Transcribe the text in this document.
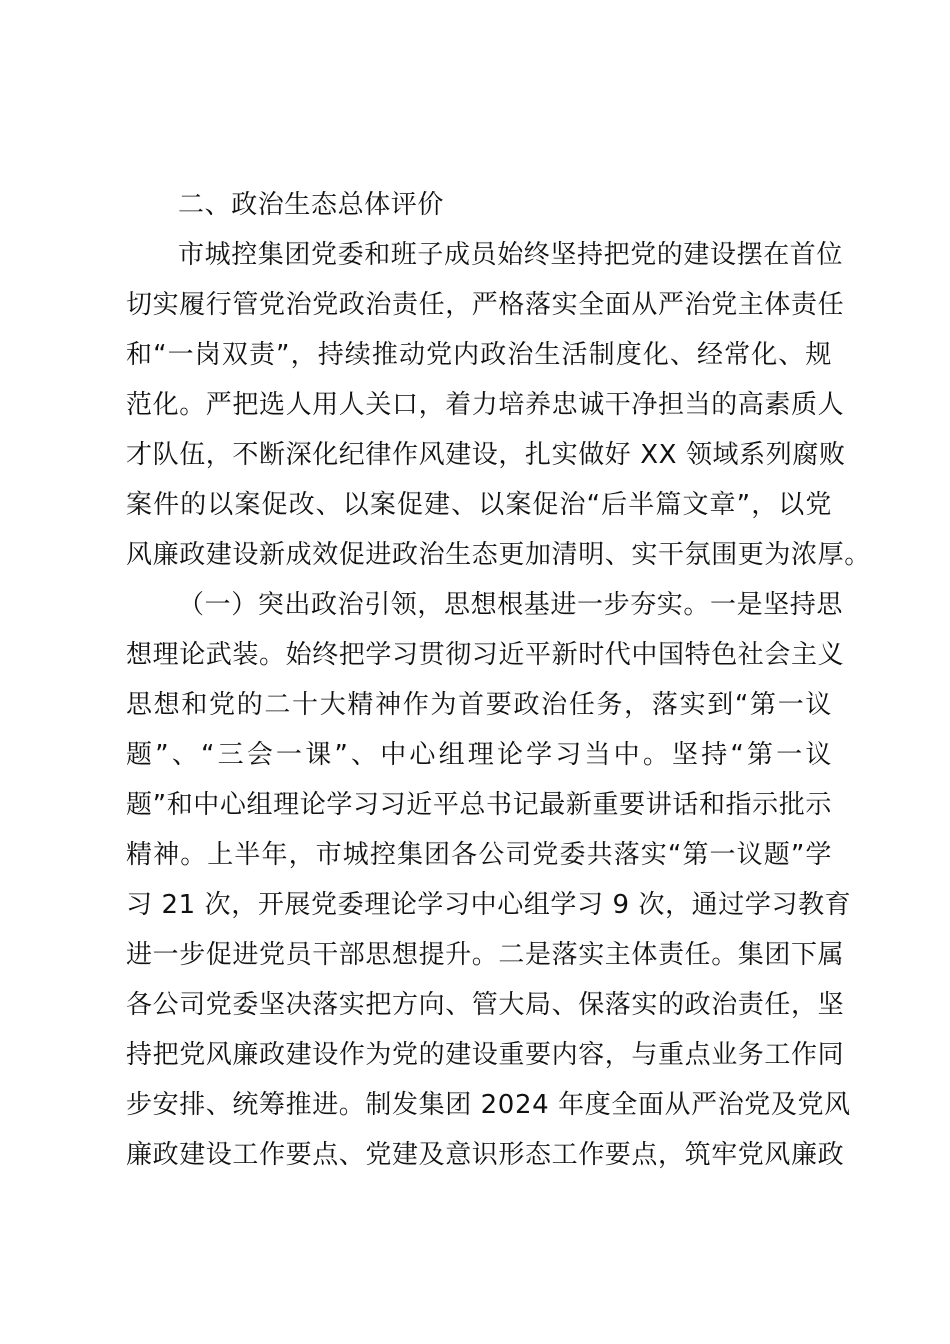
二、政治生态总体评价
市城控集团党委和班子成员始终坚持把党的建设摆在首位
切实履行管党治党政治责任，严格落实全面从严治党主体责任
和“一岗双责”，持续推动党内政治生活制度化、经常化、规
范化。严把选人用人关口，着力培养忠诚干净担当的高素质人
才队伍，不断深化纪律作风建设，扎实做好 XX 领域系列腐败
案件的以案促改、以案促建、以案促治“后半篇文章”，以党
风廉政建设新成效促进政治生态更加清明、实干氛围更为浓厚。
（一）突出政治引领，思想根基进一步夯实。一是坚持思
想理论武装。始终把学习贯彻习近平新时代中国特色社会主义
思想和党的二十大精神作为首要政治任务，落实到“第一议
题”、“三会一课”、中心组理论学习当中。坚持“第一议
题”和中心组理论学习习近平总书记最新重要讲话和指示批示
精神。上半年，市城控集团各公司党委共落实“第一议题”学
习 21 次，开展党委理论学习中心组学习 9 次，通过学习教育
进一步促进党员干部思想提升。二是落实主体责任。集团下属
各公司党委坚决落实把方向、管大局、保落实的政治责任，坚
持把党风廉政建设作为党的建设重要内容，与重点业务工作同
步安排、统筹推进。制发集团 2024 年度全面从严治党及党风
廉政建设工作要点、党建及意识形态工作要点，筑牢党风廉政
